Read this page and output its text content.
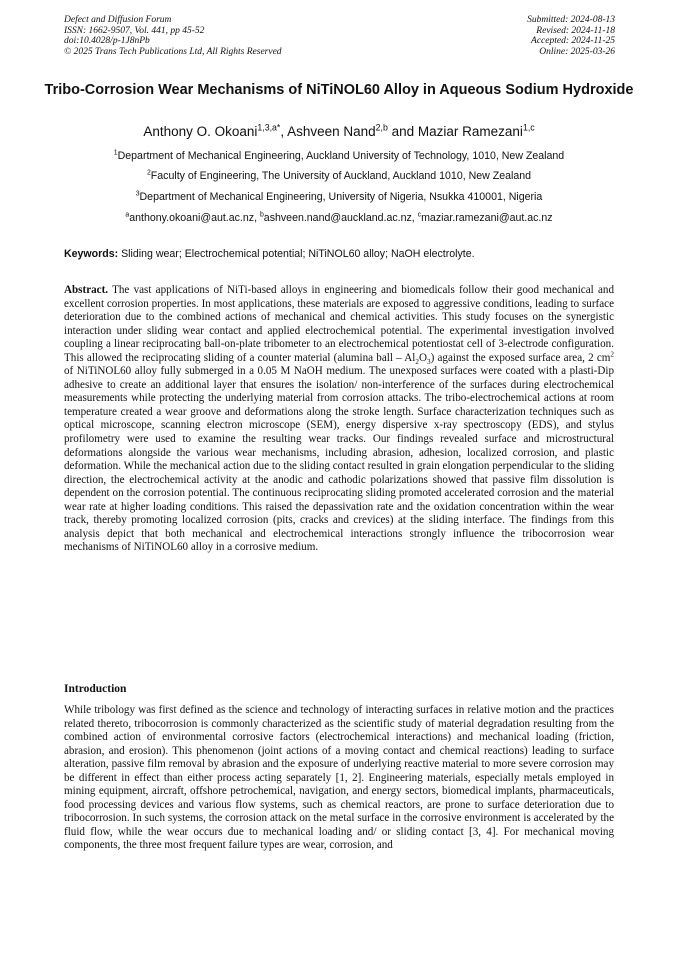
Defect and Diffusion Forum
ISSN: 1662-9507, Vol. 441, pp 45-52
doi:10.4028/p-1J8nPb
© 2025 Trans Tech Publications Ltd, All Rights Reserved
Submitted: 2024-08-13
Revised: 2024-11-18
Accepted: 2024-11-25
Online: 2025-03-26
Tribo-Corrosion Wear Mechanisms of NiTiNOL60 Alloy in Aqueous Sodium Hydroxide
Anthony O. Okoani$^{1,3,a*}$, Ashveen Nand$^{2,b}$ and Maziar Ramezani$^{1,c}$
$^1$Department of Mechanical Engineering, Auckland University of Technology, 1010, New Zealand
$^2$Faculty of Engineering, The University of Auckland, Auckland 1010, New Zealand
$^3$Department of Mechanical Engineering, University of Nigeria, Nsukka 410001, Nigeria
$^a$anthony.okoani@aut.ac.nz, $^b$ashveen.nand@auckland.ac.nz, $^c$maziar.ramezani@aut.ac.nz
Keywords: Sliding wear; Electrochemical potential; NiTiNOL60 alloy; NaOH electrolyte.
Abstract. The vast applications of NiTi-based alloys in engineering and biomedicals follow their good mechanical and excellent corrosion properties. In most applications, these materials are exposed to aggressive conditions, leading to surface deterioration due to the combined actions of mechanical and chemical activities. This study focuses on the synergistic interaction under sliding wear contact and applied electrochemical potential. The experimental investigation involved coupling a linear reciprocating ball-on-plate tribometer to an electrochemical potentiostat cell of 3-electrode configuration. This allowed the reciprocating sliding of a counter material (alumina ball – $Al_2O_3$) against the exposed surface area, 2 $cm^2$ of NiTiNOL60 alloy fully submerged in a 0.05 M NaOH medium. The unexposed surfaces were coated with a plasti-Dip adhesive to create an additional layer that ensures the isolation/ non-interference of the surfaces during electrochemical measurements while protecting the underlying material from corrosion attacks. The tribo-electrochemical actions at room temperature created a wear groove and deformations along the stroke length. Surface characterization techniques such as optical microscope, scanning electron microscope (SEM), energy dispersive x-ray spectroscopy (EDS), and stylus profilometry were used to examine the resulting wear tracks. Our findings revealed surface and microstructural deformations alongside the various wear mechanisms, including abrasion, adhesion, localized corrosion, and plastic deformation. While the mechanical action due to the sliding contact resulted in grain elongation perpendicular to the sliding direction, the electrochemical activity at the anodic and cathodic polarizations showed that passive film dissolution is dependent on the corrosion potential. The continuous reciprocating sliding promoted accelerated corrosion and the material wear rate at higher loading conditions. This raised the depassivation rate and the oxidation concentration within the wear track, thereby promoting localized corrosion (pits, cracks and crevices) at the sliding interface. The findings from this analysis depict that both mechanical and electrochemical interactions strongly influence the tribocorrosion wear mechanisms of NiTiNOL60 alloy in a corrosive medium.
Introduction
While tribology was first defined as the science and technology of interacting surfaces in relative motion and the practices related thereto, tribocorrosion is commonly characterized as the scientific study of material degradation resulting from the combined action of environmental corrosive factors (electrochemical interactions) and mechanical loading (friction, abrasion, and erosion). This phenomenon (joint actions of a moving contact and chemical reactions) leading to surface alteration, passive film removal by abrasion and the exposure of underlying reactive material to more severe corrosion may be different in effect than either process acting separately [1, 2]. Engineering materials, especially metals employed in mining equipment, aircraft, offshore petrochemical, navigation, and energy sectors, biomedical implants, pharmaceuticals, food processing devices and various flow systems, such as chemical reactors, are prone to surface deterioration due to tribocorrosion. In such systems, the corrosion attack on the metal surface in the corrosive environment is accelerated by the fluid flow, while the wear occurs due to mechanical loading and/ or sliding contact [3, 4]. For mechanical moving components, the three most frequent failure types are wear, corrosion, and
